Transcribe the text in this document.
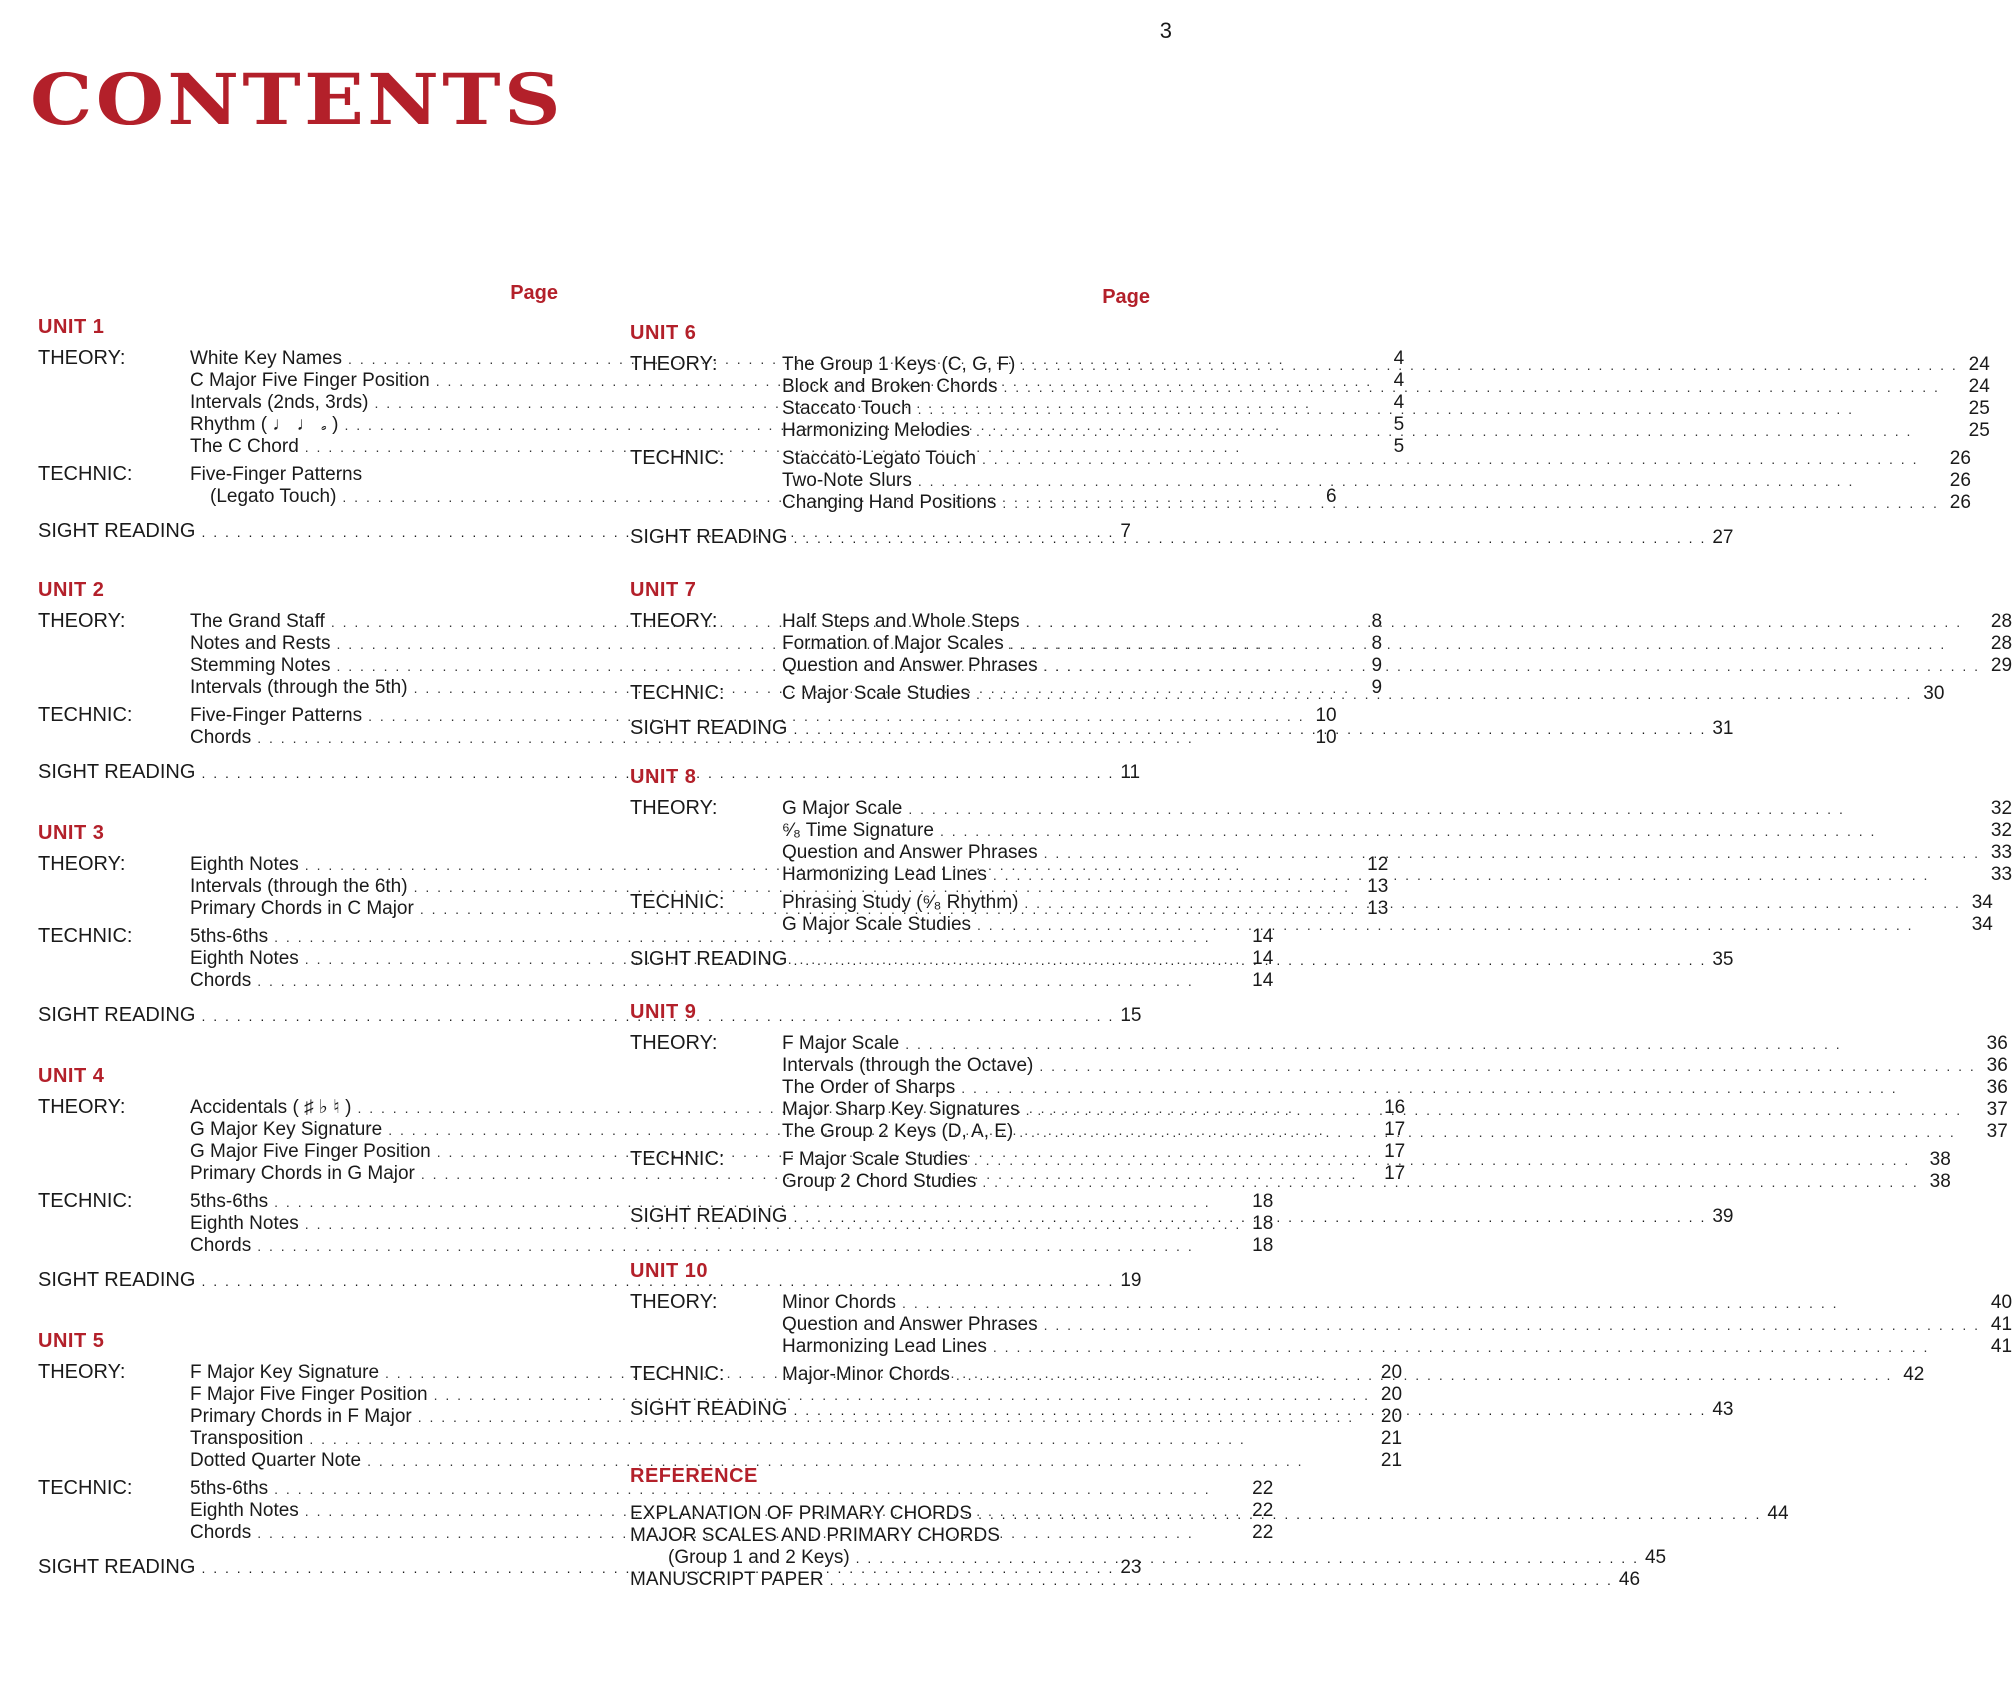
3
CONTENTS
Page
UNIT 1
THEORY:	White Key Names . . .	4
C Major Five Finger Position . . .	4
Intervals (2nds, 3rds) . . .	4
Rhythm ( ♩ ♩ 𝅗 ) . . .	5
The C Chord . . .	5
TECHNIC:	Five-Finger Patterns
(Legato Touch) . . .	6
SIGHT READING . . .	7
UNIT 2
THEORY:	The Grand Staff . . .	8
Notes and Rests . . .	8
Stemming Notes . . .	9
Intervals (through the 5th) . . .	9
TECHNIC:	Five-Finger Patterns . . .	10
Chords . . .	10
SIGHT READING . . .	11
UNIT 3
THEORY:	Eighth Notes . . .	12
Intervals (through the 6th) . . .	13
Primary Chords in C Major . . .	13
TECHNIC:	5ths-6ths . . .	14
Eighth Notes . . .	14
Chords . . .	14
SIGHT READING . . .	15
UNIT 4
THEORY:	Accidentals ( ♯ ♭ ♮ ) . . .	16
G Major Key Signature . . .	17
G Major Five Finger Position . . .	17
Primary Chords in G Major . . .	17
TECHNIC:	5ths-6ths . . .	18
Eighth Notes . . .	18
Chords . . .	18
SIGHT READING . . .	19
UNIT 5
THEORY:	F Major Key Signature . . .	20
F Major Five Finger Position . . .	20
Primary Chords in F Major . . .	20
Transposition . . .	21
Dotted Quarter Note . . .	21
TECHNIC:	5ths-6ths . . .	22
Eighth Notes . . .	22
Chords . . .	22
SIGHT READING . . .	23
Page
UNIT 6
THEORY:	The Group 1 Keys (C, G, F) . . .	24
Block and Broken Chords . . .	24
Staccato Touch . . .	25
Harmonizing Melodies . . .	25
TECHNIC:	Staccato-Legato Touch . . .	26
Two-Note Slurs . . .	26
Changing Hand Positions . . .	26
SIGHT READING . . .	27
UNIT 7
THEORY:	Half Steps and Whole Steps . . .	28
Formation of Major Scales . . .	28
Question and Answer Phrases . . .	29
TECHNIC:	C Major Scale Studies . . .	30
SIGHT READING . . .	31
UNIT 8
THEORY:	G Major Scale . . .	32
⁶⁄₈ Time Signature . . .	32
Question and Answer Phrases . . .	33
Harmonizing Lead Lines . . .	33
TECHNIC:	Phrasing Study (⁶⁄₈ Rhythm) . . .	34
G Major Scale Studies . . .	34
SIGHT READING . . .	35
UNIT 9
THEORY:	F Major Scale . . .	36
Intervals (through the Octave) . . .	36
The Order of Sharps . . .	36
Major Sharp Key Signatures . . .	37
The Group 2 Keys (D, A, E) . . .	37
TECHNIC:	F Major Scale Studies . . .	38
Group 2 Chord Studies . . .	38
SIGHT READING . . .	39
UNIT 10
THEORY:	Minor Chords . . .	40
Question and Answer Phrases . . .	41
Harmonizing Lead Lines . . .	41
TECHNIC:	Major-Minor Chords . . .	42
SIGHT READING . . .	43
REFERENCE
EXPLANATION OF PRIMARY CHORDS . . .	44
MAJOR SCALES AND PRIMARY CHORDS
(Group 1 and 2 Keys) . . .	45
MANUSCRIPT PAPER . . .	46
